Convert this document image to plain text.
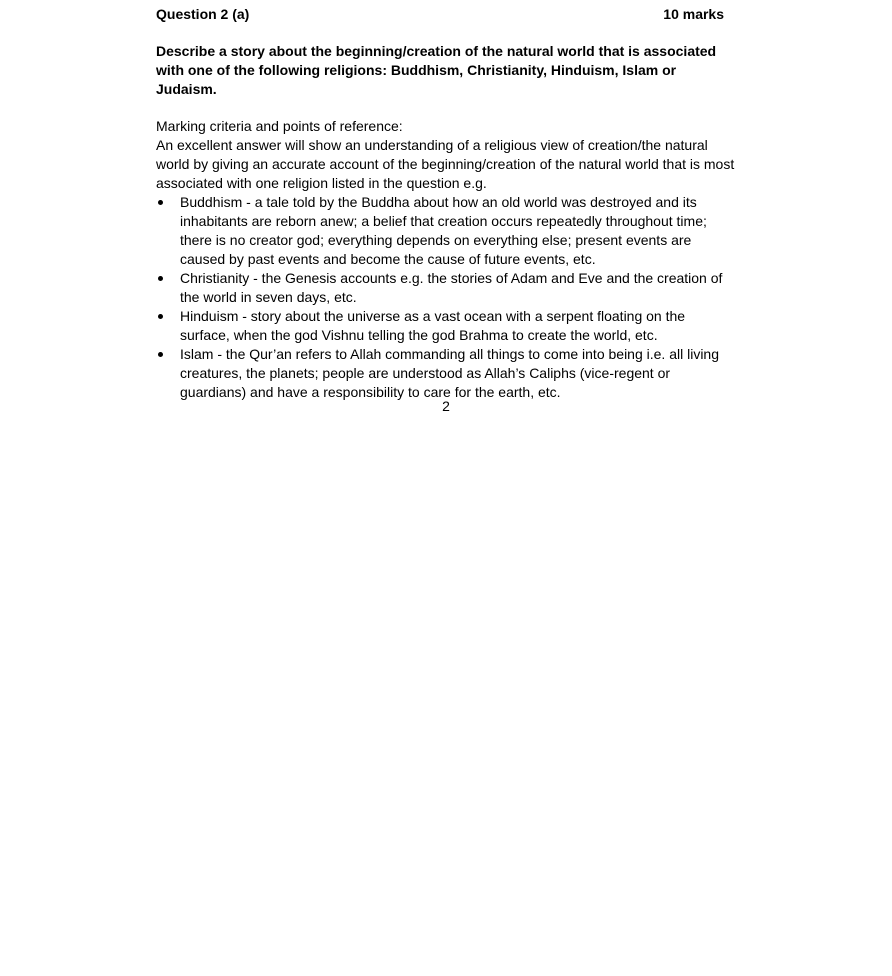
Question 2 (a)	10 marks
Describe a story about the beginning/creation of the natural world that is associated with one of the following religions: Buddhism, Christianity, Hinduism, Islam or Judaism.
Marking criteria and points of reference:
An excellent answer will show an understanding of a religious view of creation/the natural world by giving an accurate account of the beginning/creation of the natural world that is most associated with one religion listed in the question e.g.
Buddhism - a tale told by the Buddha about how an old world was destroyed and its inhabitants are reborn anew; a belief that creation occurs repeatedly throughout time; there is no creator god; everything depends on everything else; present events are caused by past events and become the cause of future events, etc.
Christianity - the Genesis accounts e.g. the stories of Adam and Eve and the creation of the world in seven days, etc.
Hinduism - story about the universe as a vast ocean with a serpent floating on the surface, when the god Vishnu telling the god Brahma to create the world, etc.
Islam - the Qur’an refers to Allah commanding all things to come into being i.e. all living creatures, the planets; people are understood as Allah’s Caliphs (vice-regent or guardians) and have a responsibility to care for the earth, etc.
2
